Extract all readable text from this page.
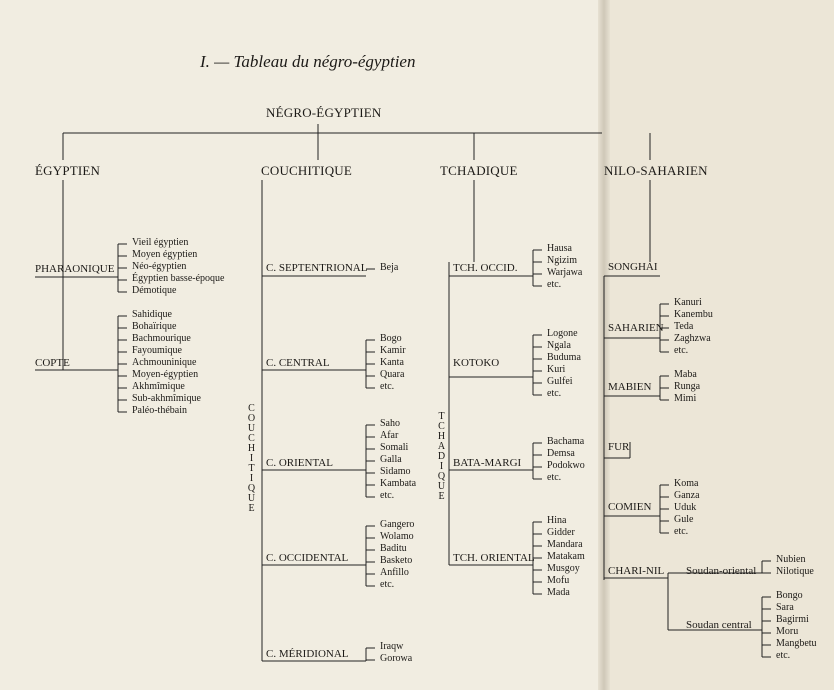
I. — Tableau du négro-égyptien
NÉGRO-ÉGYPTIEN
ÉGYPTIEN	COUCHITIQUE	TCHADIQUE	NILO-SAHARIEN
PHARAONIQUE
Vieil égyptien
Moyen égyptien
Néo-égyptien
Égyptien basse-époque
Démotique
COPTE
Sahidique
Bohaïrique
Bachmourique
Fayoumique
Achmouninique
Moyen-égyptien
Akhmîmique
Sub-akhmîmique
Paléo-thébain
C. SEPTENTRIONAL Beja
C. CENTRAL
Bogo
Kamir
Kanta
Quara
etc.
C. ORIENTAL
Saho
Afar
Somali
Galla
Sidamo
Kambata
etc.
C. OCCIDENTAL
Gangero
Wolamo
Baditu
Basketo
Anfillo
etc.
C. MÉRIDIONAL
Iraqw
Gorowa
COUCHITIQUE
TCH. OCCID.
Hausa
Ngizim
Warjawa
etc.
KOTOKO
Logone
Ngala
Buduma
Kuri
Gulfei
etc.
BATA-MARGI
Bachama
Demsa
Podokwo
etc.
TCH. ORIENTAL
Hina
Gidder
Mandara
Matakam
Musgoy
Mofu
Mada
TCHADIQUE
SONGHAI
SAHARIEN
Kanuri
Kanembu
Teda
Zaghzwa
etc.
MABIEN
Maba
Runga
Mimi
FUR
COMIEN
Koma
Ganza
Uduk
Gule
etc.
CHARI-NIL Soudan-oriental
Nubien
Nilotique
Soudan central
Bongo
Sara
Bagirmi
Moru
Mangbetu
etc.
